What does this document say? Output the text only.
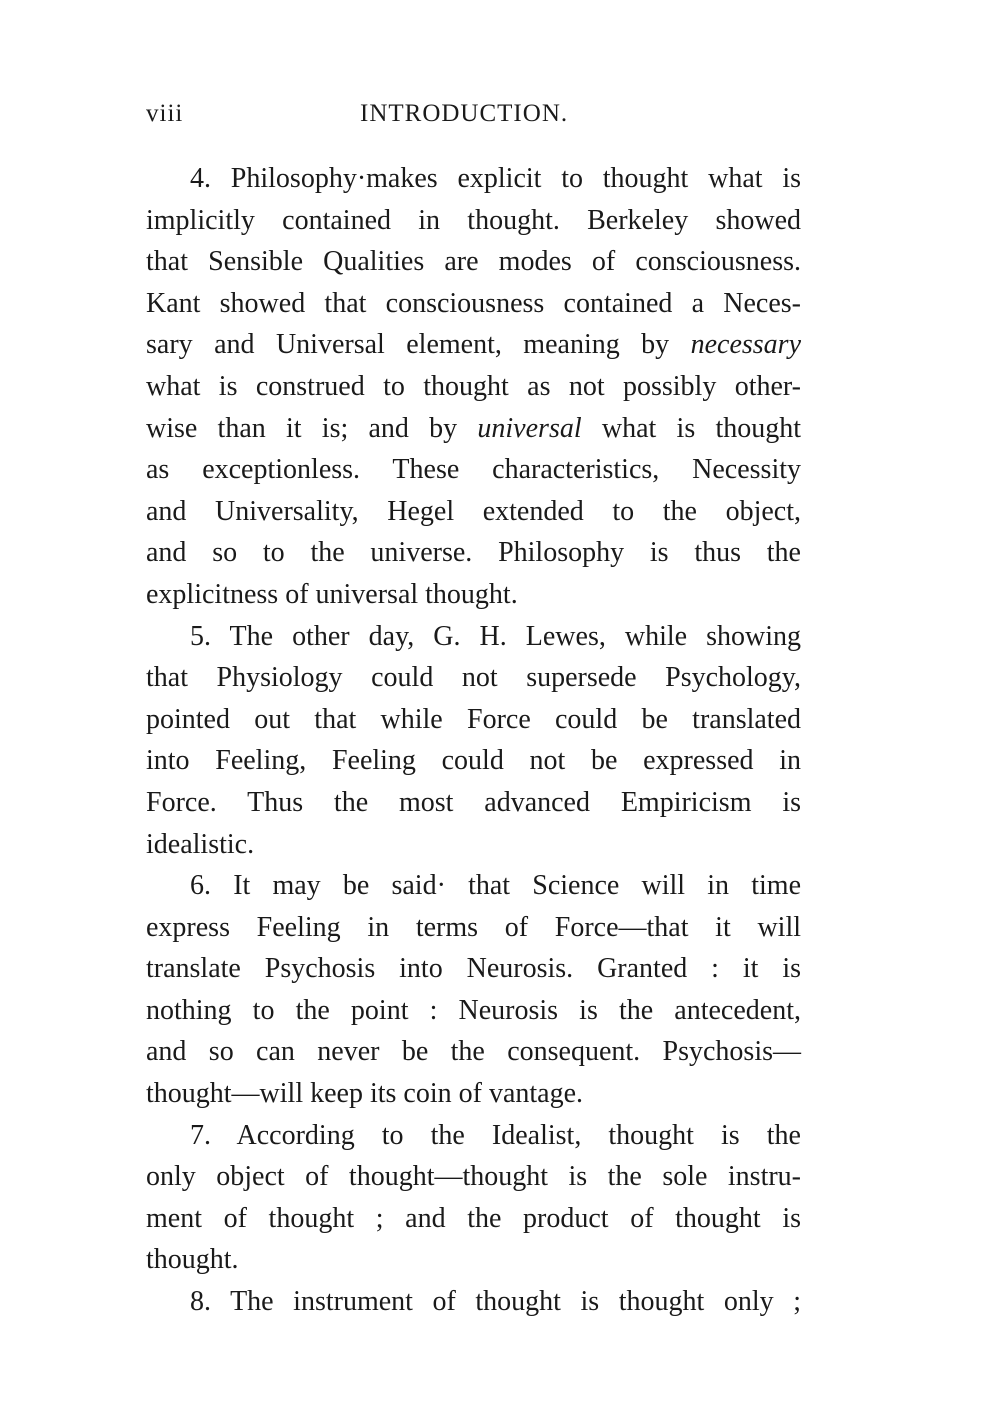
viii	INTRODUCTION.
4. Philosophy·makes explicit to thought what is
implicitly contained in thought. Berkeley showed
that Sensible Qualities are modes of consciousness.
Kant showed that consciousness contained a Neces-
sary and Universal element, meaning by necessary
what is construed to thought as not possibly other-
wise than it is; and by universal what is thought
as exceptionless. These characteristics, Necessity
and Universality, Hegel extended to the object,
and so to the universe. Philosophy is thus the
explicitness of universal thought.
5. The other day, G. H. Lewes, while showing
that Physiology could not supersede Psychology,
pointed out that while Force could be translated
into Feeling, Feeling could not be expressed in
Force. Thus the most advanced Empiricism is
idealistic.
6. It may be said· that Science will in time
express Feeling in terms of Force—that it will
translate Psychosis into Neurosis. Granted : it is
nothing to the point : Neurosis is the antecedent,
and so can never be the consequent. Psychosis—
thought—will keep its coin of vantage.
7. According to the Idealist, thought is the
only object of thought—thought is the sole instru-
ment of thought ; and the product of thought is
thought.
8. The instrument of thought is thought only ;
